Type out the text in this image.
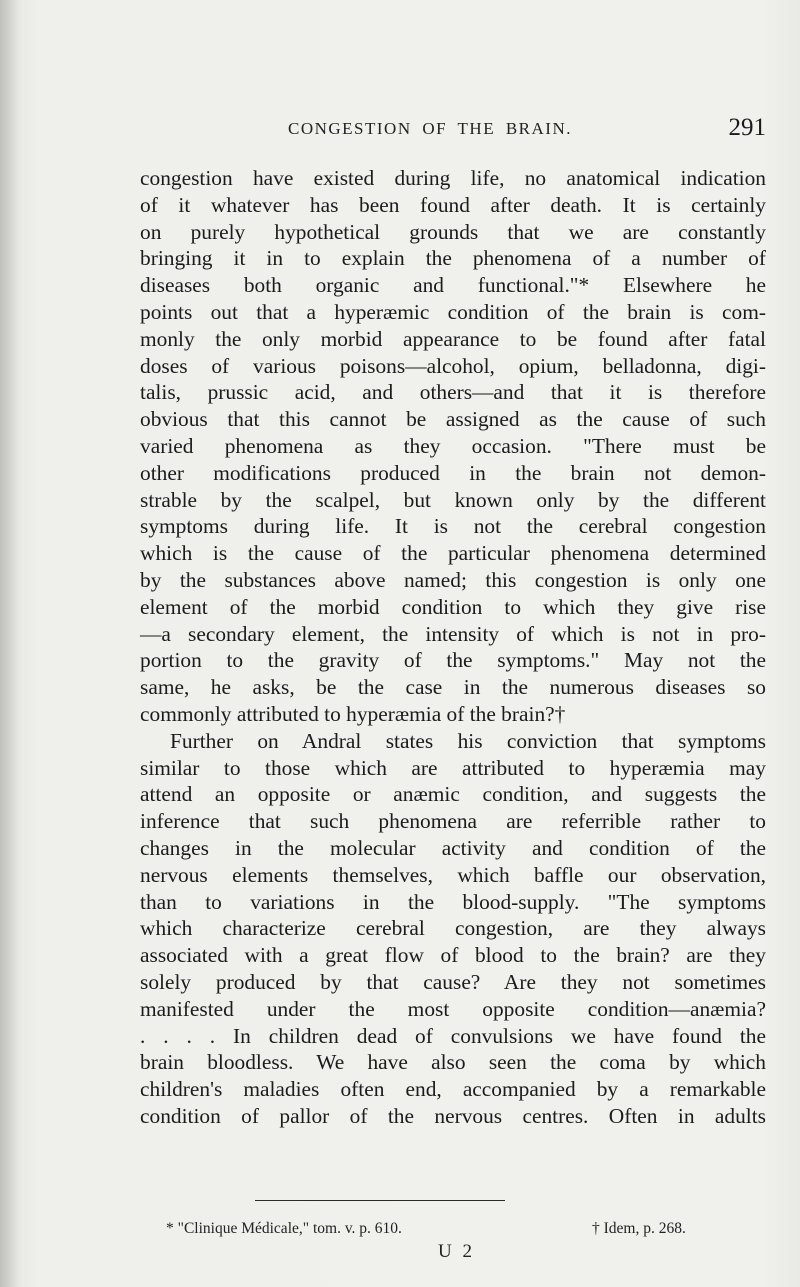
CONGESTION OF THE BRAIN.	291
congestion have existed during life, no anatomical indication
of it whatever has been found after death. It is certainly
on purely hypothetical grounds that we are constantly
bringing it in to explain the phenomena of a number of
diseases both organic and functional."* Elsewhere he
points out that a hyperæmic condition of the brain is com-
monly the only morbid appearance to be found after fatal
doses of various poisons—alcohol, opium, belladonna, digi-
talis, prussic acid, and others—and that it is therefore
obvious that this cannot be assigned as the cause of such
varied phenomena as they occasion. "There must be
other modifications produced in the brain not demon-
strable by the scalpel, but known only by the different
symptoms during life. It is not the cerebral congestion
which is the cause of the particular phenomena determined
by the substances above named; this congestion is only one
element of the morbid condition to which they give rise
—a secondary element, the intensity of which is not in pro-
portion to the gravity of the symptoms." May not the
same, he asks, be the case in the numerous diseases so
commonly attributed to hyperæmia of the brain?†
Further on Andral states his conviction that symptoms
similar to those which are attributed to hyperæmia may
attend an opposite or anæmic condition, and suggests the
inference that such phenomena are referrible rather to
changes in the molecular activity and condition of the
nervous elements themselves, which baffle our observation,
than to variations in the blood-supply. "The symptoms
which characterize cerebral congestion, are they always
associated with a great flow of blood to the brain? are they
solely produced by that cause? Are they not sometimes
manifested under the most opposite condition—anæmia?
. . . . In children dead of convulsions we have found the
brain bloodless. We have also seen the coma by which
children's maladies often end, accompanied by a remarkable
condition of pallor of the nervous centres. Often in adults
* "Clinique Médicale," tom. v. p. 610.	† Idem, p. 268.
U 2
